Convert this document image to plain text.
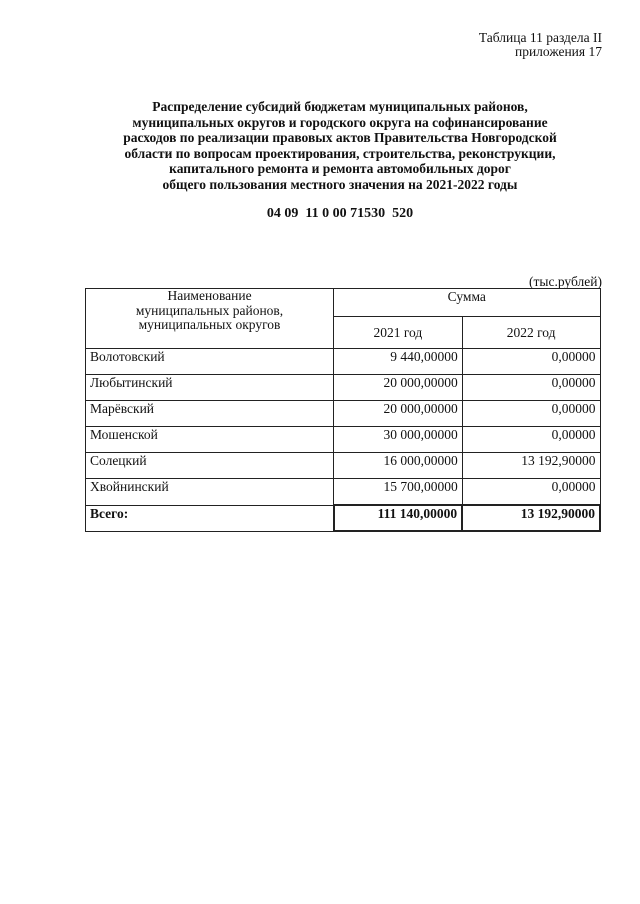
Таблица 11 раздела II
приложения 17
Распределение субсидий бюджетам муниципальных районов,
муниципальных округов и городского округа на софинансирование
расходов по реализации правовых актов Правительства Новгородской
области по вопросам проектирования, строительства, реконструкции,
капитального ремонта и ремонта автомобильных дорог
общего пользования местного значения на 2021-2022 годы
04 09  11 0 00 71530  520
(тыс.рублей)
Наименование
муниципальных районов,
муниципальных округов	Сумма	
	2021 год	2022 год
Волотовский	9 440,00000	0,00000
Любытинский	20 000,00000	0,00000
Марёвский	20 000,00000	0,00000
Мошенской	30 000,00000	0,00000
Солецкий	16 000,00000	13 192,90000
Хвойнинский	15 700,00000	0,00000
Всего:	111 140,00000	13 192,90000
